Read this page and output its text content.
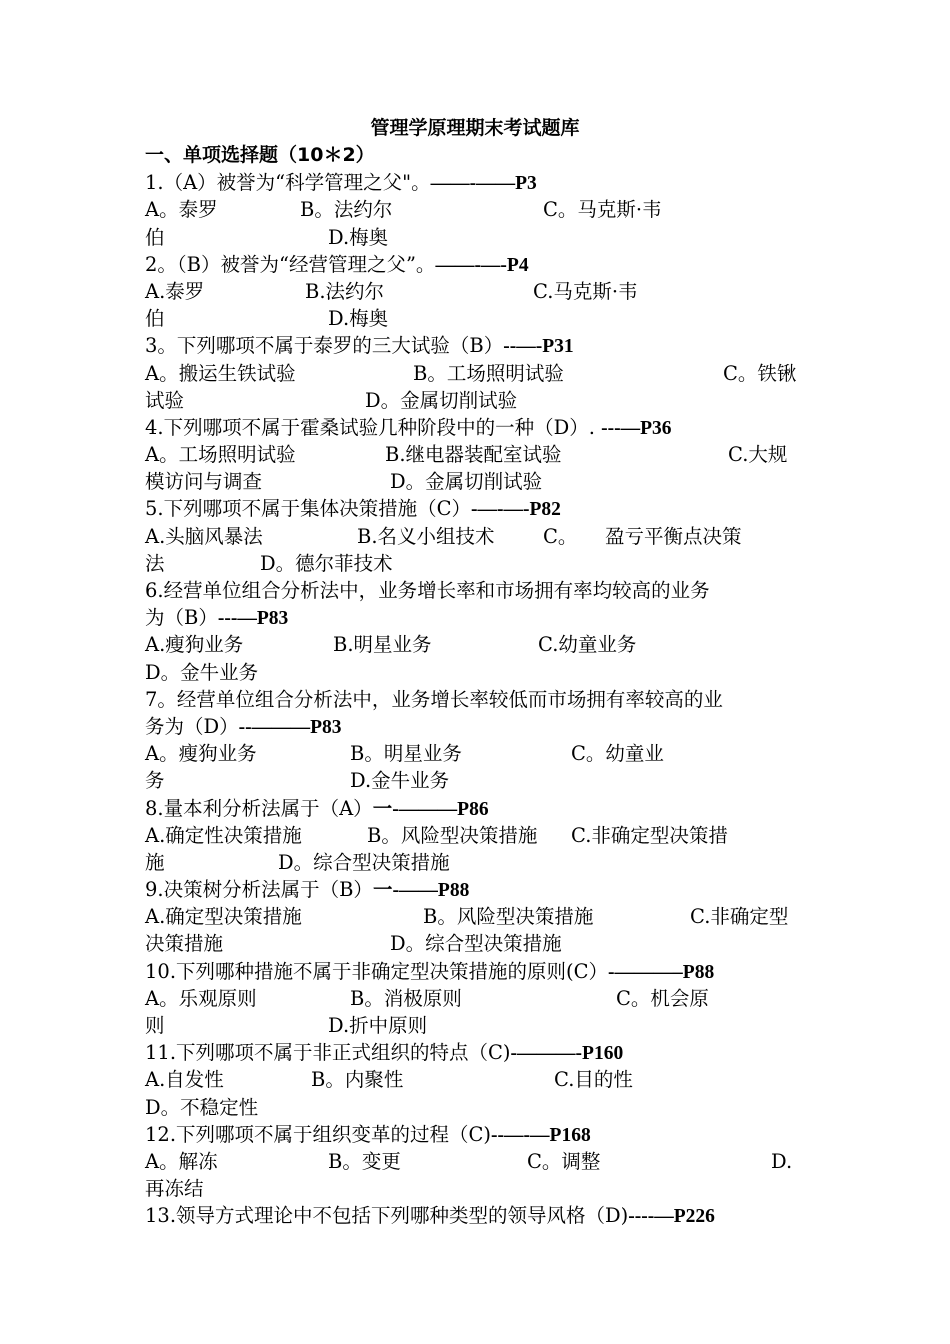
管理学原理期末考试题库
一、单项选择题（10＊2）
1.（A）被誉为“科学管理之父"。——-——P3
A。泰罗	B。法约尔	C。马克斯·韦
伯	D.梅奥
2。（B）被誉为“经营管理之父”。——-—-P4
A.泰罗	B.法约尔	C.马克斯·韦
伯	D.梅奥
3。下列哪项不属于泰罗的三大试验（B）--—-P31
A。搬运生铁试验	B。工场照明试验	C。铁锹
试验	D。金属切削试验
4.下列哪项不属于霍桑试验几种阶段中的一种（D）. ---—P36
A。工场照明试验	B.继电器装配室试验	C.大规
模访问与调查	D。金属切削试验
5.下列哪项不属于集体决策措施（C）-—-—-P82
A.头脑风暴法	B.名义小组技术 C。 盈亏平衡点决策
法	D。德尔菲技术
6.经营单位组合分析法中，业务增长率和市场拥有率均较高的业务
为（B）---—P83
A.瘦狗业务	B.明星业务	C.幼童业务
D。金牛业务
7。经营单位组合分析法中，业务增长率较低而市场拥有率较高的业
务为（D）--———P83
A。瘦狗业务	B。明星业务	C。幼童业
务	D.金牛业务
8.量本利分析法属于（A）一-———P86
A.确定性决策措施	B。风险型决策措施 C.非确定型决策措
施	D。综合型决策措施
9.决策树分析法属于（B）一-——P88
A.确定型决策措施	B。风险型决策措施	C.非确定型
决策措施	D。综合型决策措施
10.下列哪种措施不属于非确定型决策措施的原则(C）-———–P88
A。乐观原则	B。消极原则	C。机会原
则	D.折中原则
11.下列哪项不属于非正式组织的特点（C)-———-P160
A.自发性	B。内聚性	C.目的性
D。不稳定性
12.下列哪项不属于组织变革的过程（C)--—-—P168
A。解冻	B。变更	C。调整	D.
再冻结
13.领导方式理论中不包括下列哪种类型的领导风格（D)----—P226
